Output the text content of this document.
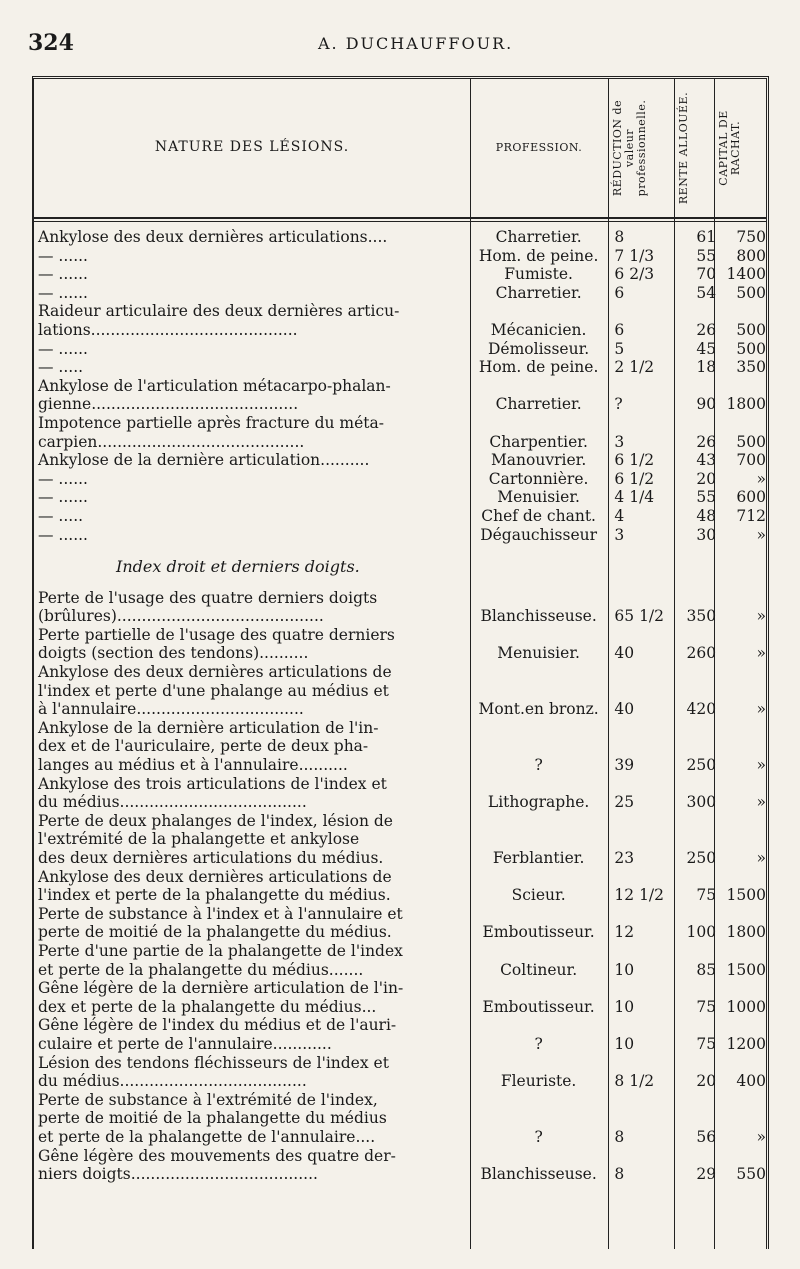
324	A. DUCHAUFFOUR.
NATURE DES LÉSIONS.	PROFESSION.	RÉDUCTION de valeur professionnelle.	RENTE ALLOUÉE. CAPITAL DE RACHAT.
Ankylose des deux dernières articulations....	Charretier.	8	61	750
— ......	Hom. de peine.	7 1/3	55	800
— ......	Fumiste.	6 2/3	70 1400
— ......	Charretier.	6	54	500
Raideur articulaire des deux dernières articu-
lations..........................................	Mécanicien.	6	26	500
— ......	Démolisseur.	5	45	500
— .....	Hom. de peine.	2 1/2	18	350
Ankylose de l'articulation métacarpo-phalan-
gienne..........................................	Charretier.	?	90 1800
Impotence partielle après fracture du méta-
carpien..........................................	Charpentier.	3	26	500
Ankylose de la dernière articulation..........	Manouvrier.	6 1/2	43	700
— ......	Cartonnière.	6 1/2	20	»
— ......	Menuisier.	4 1/4	55	600
— .....	Chef de chant.	4	48	712
— ......	Dégauchisseur	3	30	»
Index droit et derniers doigts.
Perte de l'usage des quatre derniers doigts
(brûlures)..........................................	Blanchisseuse.	65 1/2	350	»
Perte partielle de l'usage des quatre derniers
doigts (section des tendons)..........	Menuisier.	40	260	»
Ankylose des deux dernières articulations de
l'index et perte d'une phalange au médius et
à l'annulaire..................................	Mont.en bronz.	40	420	»
Ankylose de la dernière articulation de l'in-
dex et de l'auriculaire, perte de deux pha-
langes au médius et à l'annulaire..........	?	39	250	»
Ankylose des trois articulations de l'index et
du médius......................................	Lithographe.	25	300	»
Perte de deux phalanges de l'index, lésion de
l'extrémité de la phalangette et ankylose
des deux dernières articulations du médius.	Ferblantier.	23	250	»
Ankylose des deux dernières articulations de
l'index et perte de la phalangette du médius.	Scieur.	12 1/2	75 1500
Perte de substance à l'index et à l'annulaire et
perte de moitié de la phalangette du médius.	Emboutisseur.	12	100 1800
Perte d'une partie de la phalangette de l'index
et perte de la phalangette du médius.......	Coltineur.	10	85 1500
Gêne légère de la dernière articulation de l'in-
dex et perte de la phalangette du médius...	Emboutisseur.	10	75 1000
Gêne légère de l'index du médius et de l'auri-
culaire et perte de l'annulaire............	?	10	75 1200
Lésion des tendons fléchisseurs de l'index et
du médius......................................	Fleuriste.	8 1/2	20	400
Perte de substance à l'extrémité de l'index,
perte de moitié de la phalangette du médius
et perte de la phalangette de l'annulaire....	?	8	56	»
Gêne légère des mouvements des quatre der-
niers doigts......................................	Blanchisseuse.	8	29	550
